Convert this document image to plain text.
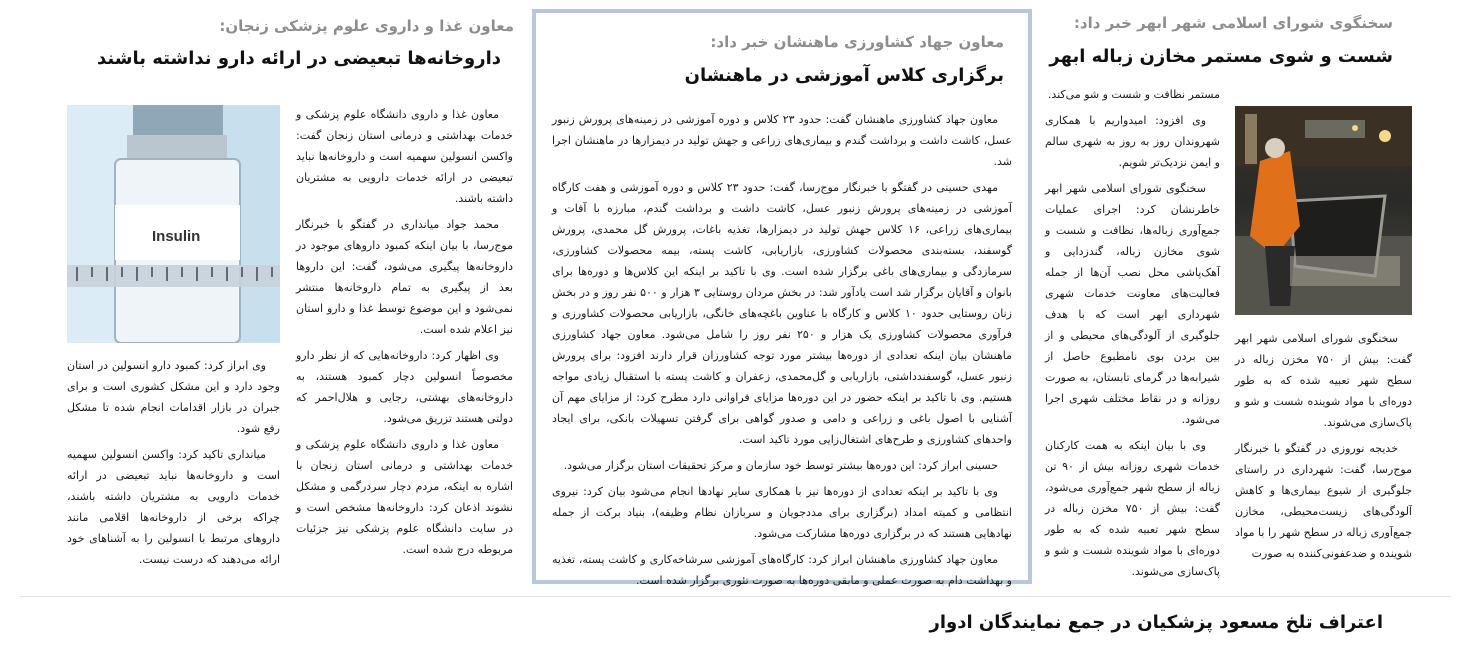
سخنگوی شورای اسلامی شهر ابهر خبر داد:
شست و شوی مستمر مخازن زباله ابهر

سخنگوی شورای اسلامی شهر ابهر گفت: بیش از ۷۵۰ مخزن زباله در سطح شهر تعبیه شده که به طور دوره‌ای با مواد شوینده شست و شو و پاک‌سازی می‌شوند.

خدیجه نوروزی در گفتگو با خبرنگار موج‌رسا، گفت: شهرداری در راستای جلوگیری از شیوع بیماری‌ها و کاهش آلودگی‌های زیست‌محیطی، مخازن جمع‌آوری زباله در سطح شهر را با مواد شوینده و ضدعفونی‌کننده به صورت

مستمر نظافت و شست و شو می‌کند.

وی افزود: امیدواریم با همکاری شهروندان روز به روز به شهری سالم و ایمن نزدیک‌تر شویم.

سخنگوی شورای اسلامی شهر ابهر خاطرنشان کرد: اجرای عملیات جمع‌آوری زباله‌ها، نظافت و شست و شوی مخازن زباله، گندزدایی و آهک‌پاشی محل نصب آن‌ها از جمله فعالیت‌های معاونت خدمات شهری شهرداری ابهر است که با هدف جلوگیری از آلودگی‌های محیطی و از بین بردن بوی نامطبوع حاصل از شیرابه‌ها در گرمای تابستان، به صورت روزانه و در نقاط مختلف شهری اجرا می‌شود.

وی با بیان اینکه به همت کارکنان خدمات شهری روزانه بیش از ۹۰ تن زباله از سطح شهر جمع‌آوری می‌شود، گفت: بیش از ۷۵۰ مخزن زباله در سطح شهر تعبیه شده که به طور دوره‌ای با مواد شوینده شست و شو و پاک‌سازی می‌شوند.

معاون جهاد کشاورزی ماهنشان خبر داد:
برگزاری کلاس آموزشی در ماهنشان

معاون جهاد کشاورزی ماهنشان گفت: حدود ۲۳ کلاس و دوره آموزشی در زمینه‌های پرورش زنبور عسل، کاشت داشت و برداشت گندم و بیماری‌های زراعی و جهش تولید در دیمزارها در ماهنشان اجرا شد.

مهدی حسینی در گفتگو با خبرنگار موج‌رسا، گفت: حدود ۲۳ کلاس و دوره آموزشی و هفت کارگاه آموزشی در زمینه‌های پرورش زنبور عسل، کاشت داشت و برداشت گندم، مبارزه با آفات و بیماری‌های زراعی، ۱۶ کلاس جهش تولید در دیمزارها، تغذیه باغات، پرورش گل محمدی، پرورش گوسفند، بسته‌بندی محصولات کشاورزی، بازاریابی، کاشت پسته، بیمه محصولات کشاورزی، سرمازدگی و بیماری‌های باغی برگزار شده است. وی با تاکید بر اینکه این کلاس‌ها و دوره‌ها برای بانوان و آقایان برگزار شد است یادآور شد: در بخش مردان روستایی ۳ هزار و ۵۰۰ نفر روز و در بخش زنان روستایی حدود ۱۰ کلاس و کارگاه با عناوین باغچه‌های خانگی، بازاریابی محصولات کشاورزی و فرآوری محصولات کشاورزی یک هزار و ۲۵۰ نفر روز را شامل می‌شود. معاون جهاد کشاورزی ماهنشان بیان اینکه تعدادی از دوره‌ها بیشتر مورد توجه کشاورزان قرار دارند افزود: برای پرورش زنبور عسل، گوسفندداشتی، بازاریابی و گل‌محمدی، زعفران و کاشت پسته با استقبال زیادی مواجه هستیم. وی با تاکید بر اینکه حضور در این دوره‌ها مزایای فراوانی دارد مطرح کرد: از مزایای مهم آن آشنایی با اصول باغی و زراعی و دامی و صدور گواهی برای گرفتن تسهیلات بانکی، برای ایجاد واحدهای کشاورزی و طرح‌های اشتغال‌زایی مورد تاکید است.

حسینی ابراز کرد: این دوره‌ها بیشتر توسط خود سازمان و مرکز تحقیقات استان برگزار می‌شود.

وی با تاکید بر اینکه تعدادی از دوره‌ها نیز با همکاری سایر نهادها انجام می‌شود بیان کرد: نیروی انتظامی و کمیته امداد (برگزاری برای مددجویان و سربازان نظام وظیفه)، بنیاد برکت از جمله نهادهایی هستند که در برگزاری دوره‌ها مشارکت می‌شود.

معاون جهاد کشاورزی ماهنشان ابراز کرد: کارگاه‌های آموزشی سرشاخه‌کاری و کاشت پسته، تغذیه و بهداشت دام به صورت عملی و مابقی دوره‌ها به صورت تئوری برگزار شده است.

معاون غذا و داروی علوم پزشکی زنجان:
داروخانه‌ها تبعیضی در ارائه دارو نداشته باشند

معاون غذا و داروی دانشگاه علوم پزشکی و خدمات بهداشتی و درمانی استان زنجان گفت: واکسن انسولین سهمیه است و داروخانه‌ها نباید تبعیضی در ارائه خدمات دارویی به مشتریان داشته باشند.

محمد جواد میانداری در گفتگو با خبرنگار موج‌رسا، با بیان اینکه کمبود داروهای موجود در داروخانه‌ها پیگیری می‌شود، گفت: این داروها بعد از پیگیری به تمام داروخانه‌ها منتشر نمی‌شود و این موضوع توسط غذا و دارو استان نیز اعلام شده است.

وی اظهار کرد: داروخانه‌هایی که از نظر دارو مخصوصاً انسولین دچار کمبود هستند، به داروخانه‌های بهشتی، رجایی و هلال‌احمر که دولتی هستند تزریق می‌شود.

معاون غذا و داروی دانشگاه علوم پزشکی و خدمات بهداشتی و درمانی استان زنجان با اشاره به اینکه، مردم دچار سردرگمی و مشکل نشوند اذعان کرد: داروخانه‌ها مشخص است و در سایت دانشگاه علوم پزشکی نیز جزئیات مربوطه درج شده است.

Insulin

وی ابراز کرد: کمبود دارو انسولین در استان وجود دارد و این مشکل کشوری است و برای جبران در بازار اقدامات انجام شده تا مشکل رفع شود.

میانداری تاکید کرد: واکسن انسولین سهمیه است و داروخانه‌ها نباید تبعیضی در ارائه خدمات دارویی به مشتریان داشته باشند، چراکه برخی از داروخانه‌ها اقلامی مانند داروهای مرتبط با انسولین را به آشناهای خود ارائه می‌دهند که درست نیست.

اعتراف تلخ مسعود پزشکیان در جمع نمایندگان ادوار
